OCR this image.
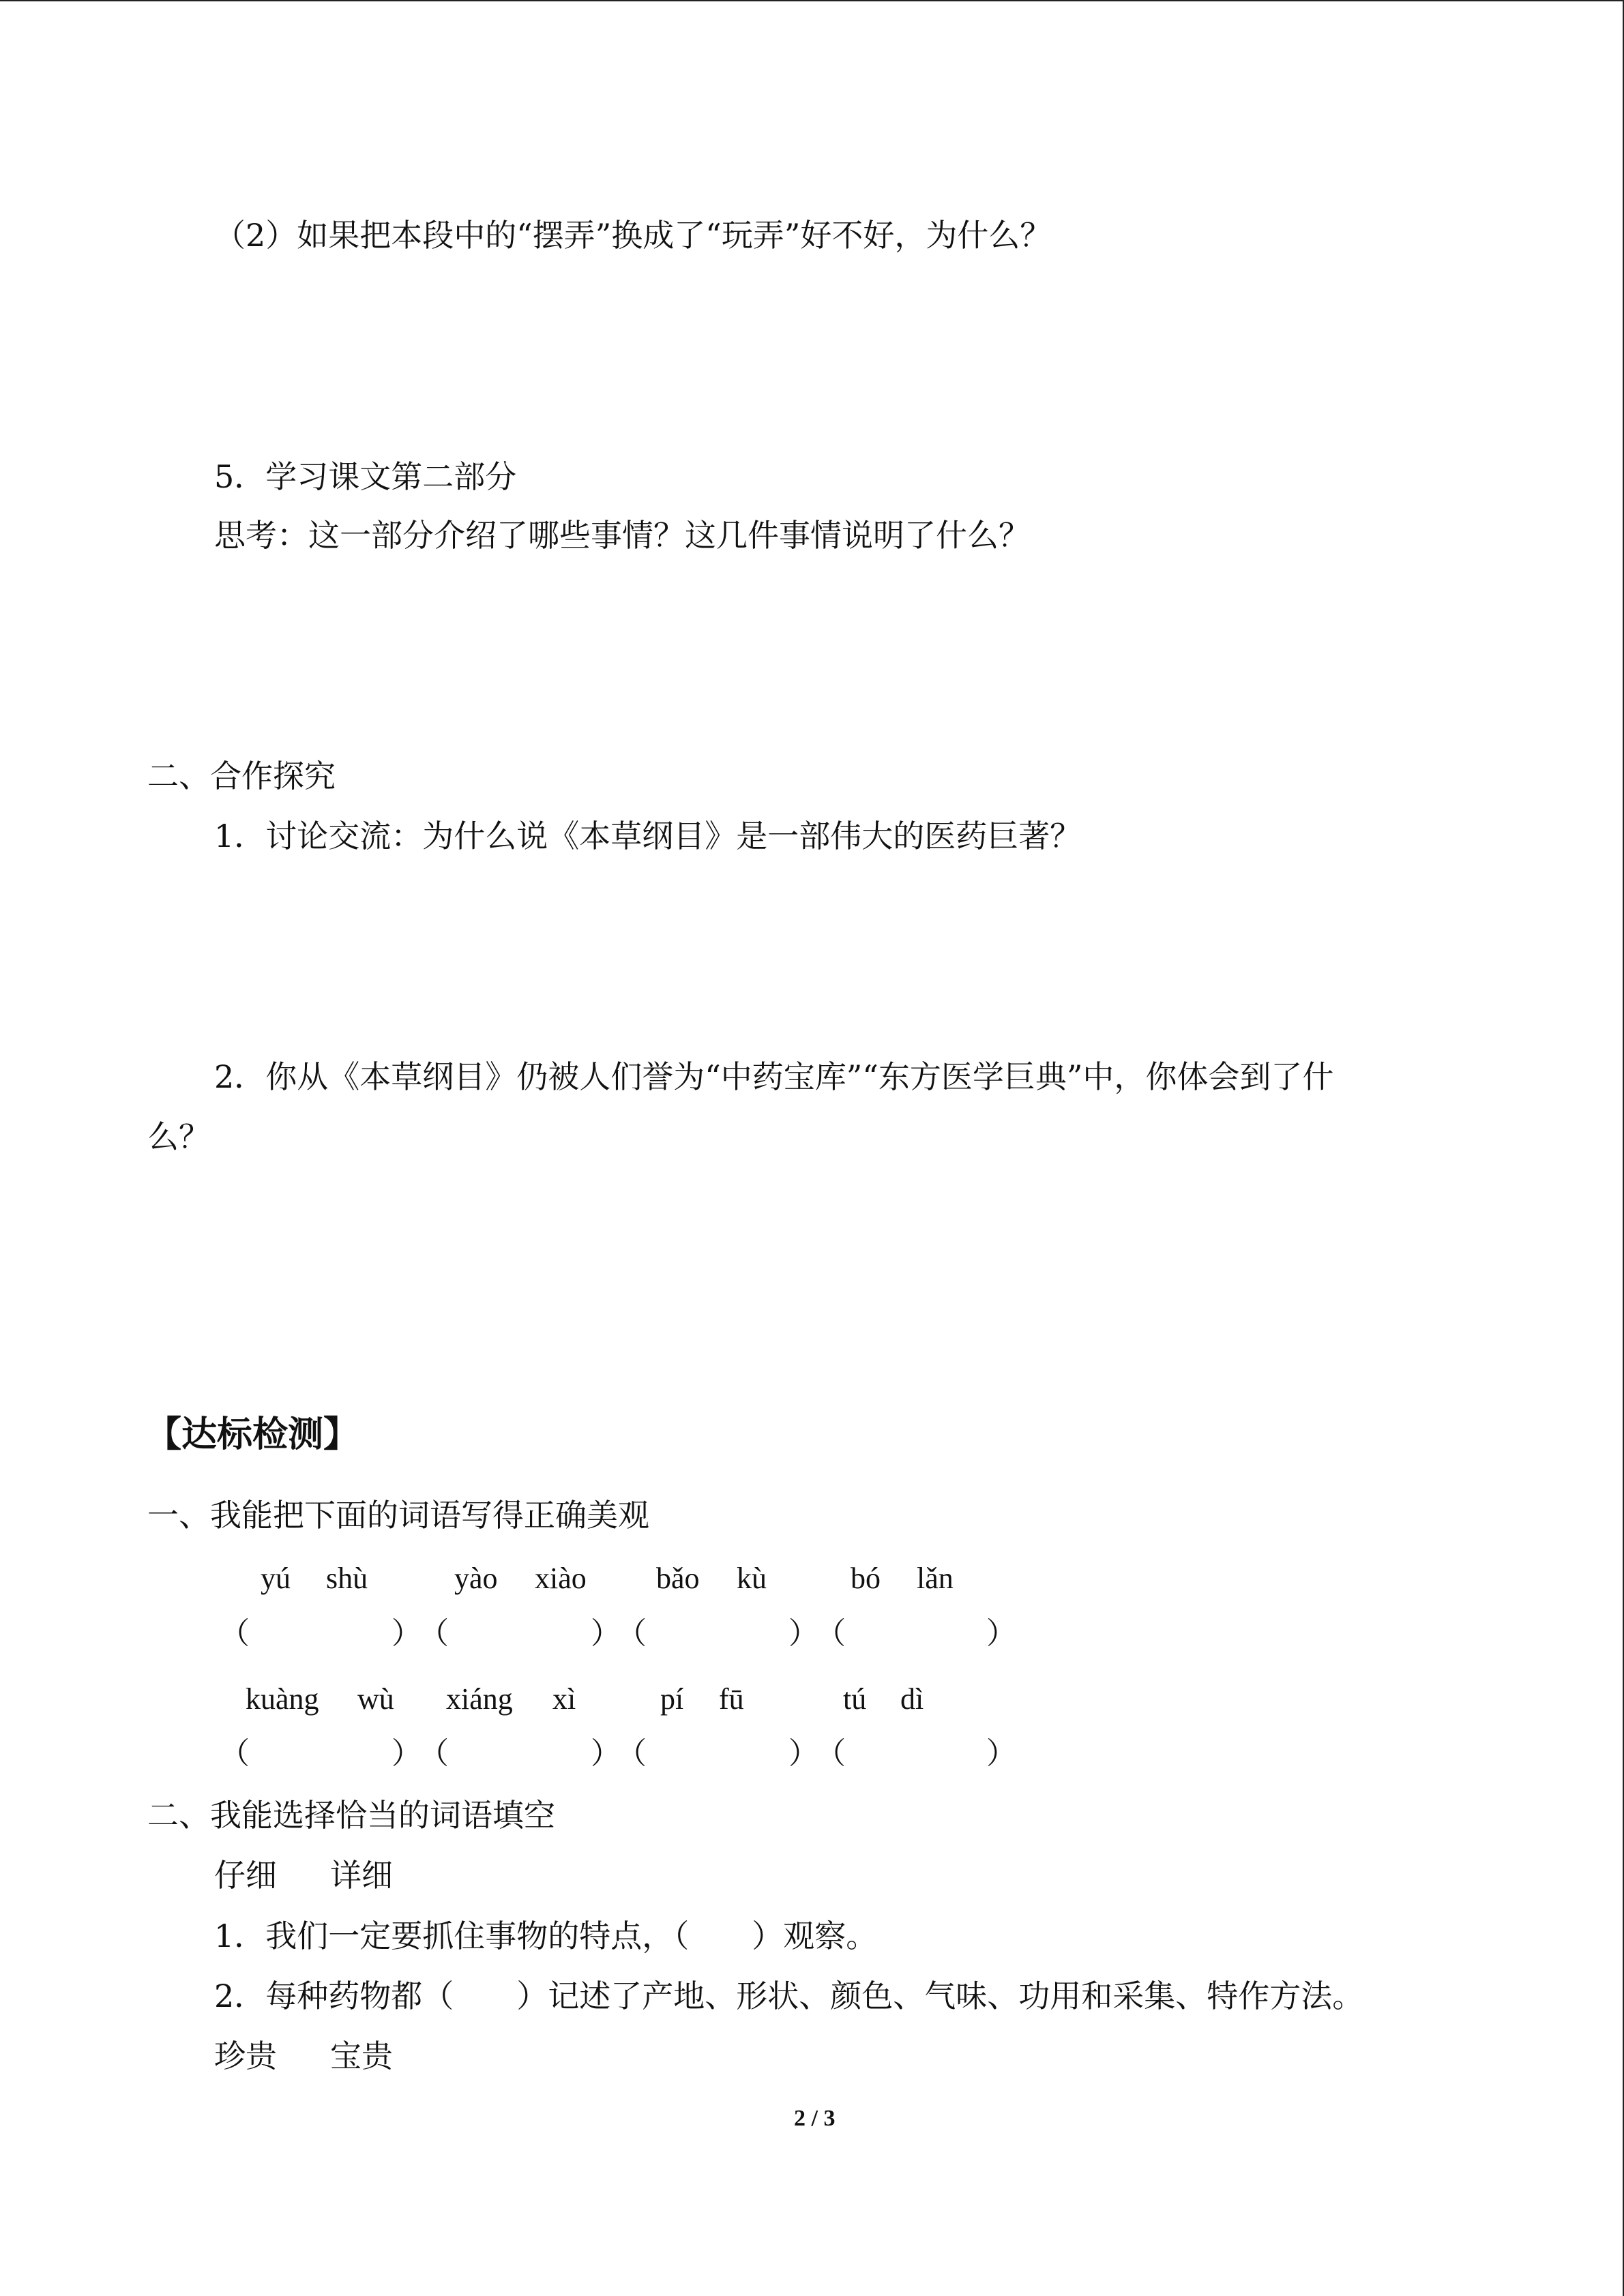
（2）如果把本段中的“摆弄”换成了“玩弄”好不好，为什么？
5．学习课文第二部分
思考：这一部分介绍了哪些事情？这几件事情说明了什么？
二、合作探究
1．讨论交流：为什么说《本草纲目》是一部伟大的医药巨著？
2．你从《本草纲目》仍被人们誉为“中药宝库”“东方医学巨典”中，你体会到了什
么？
【达标检测】
一、我能把下面的词语写得正确美观
yú shù	yào xiào bǎo kù	bó lǎn
（	）
（	）
（	）
（	）
kuàng wù xiáng xì	pí fū	tú dì
（	）
（	）
（	）
（	）
二、我能选择恰当的词语填空
仔细 详细
1．我们一定要抓住事物的特点，（　　）观察。
2．每种药物都（　　）记述了产地、形状、颜色、气味、功用和采集、特作方法。
珍贵 宝贵
2 / 3
